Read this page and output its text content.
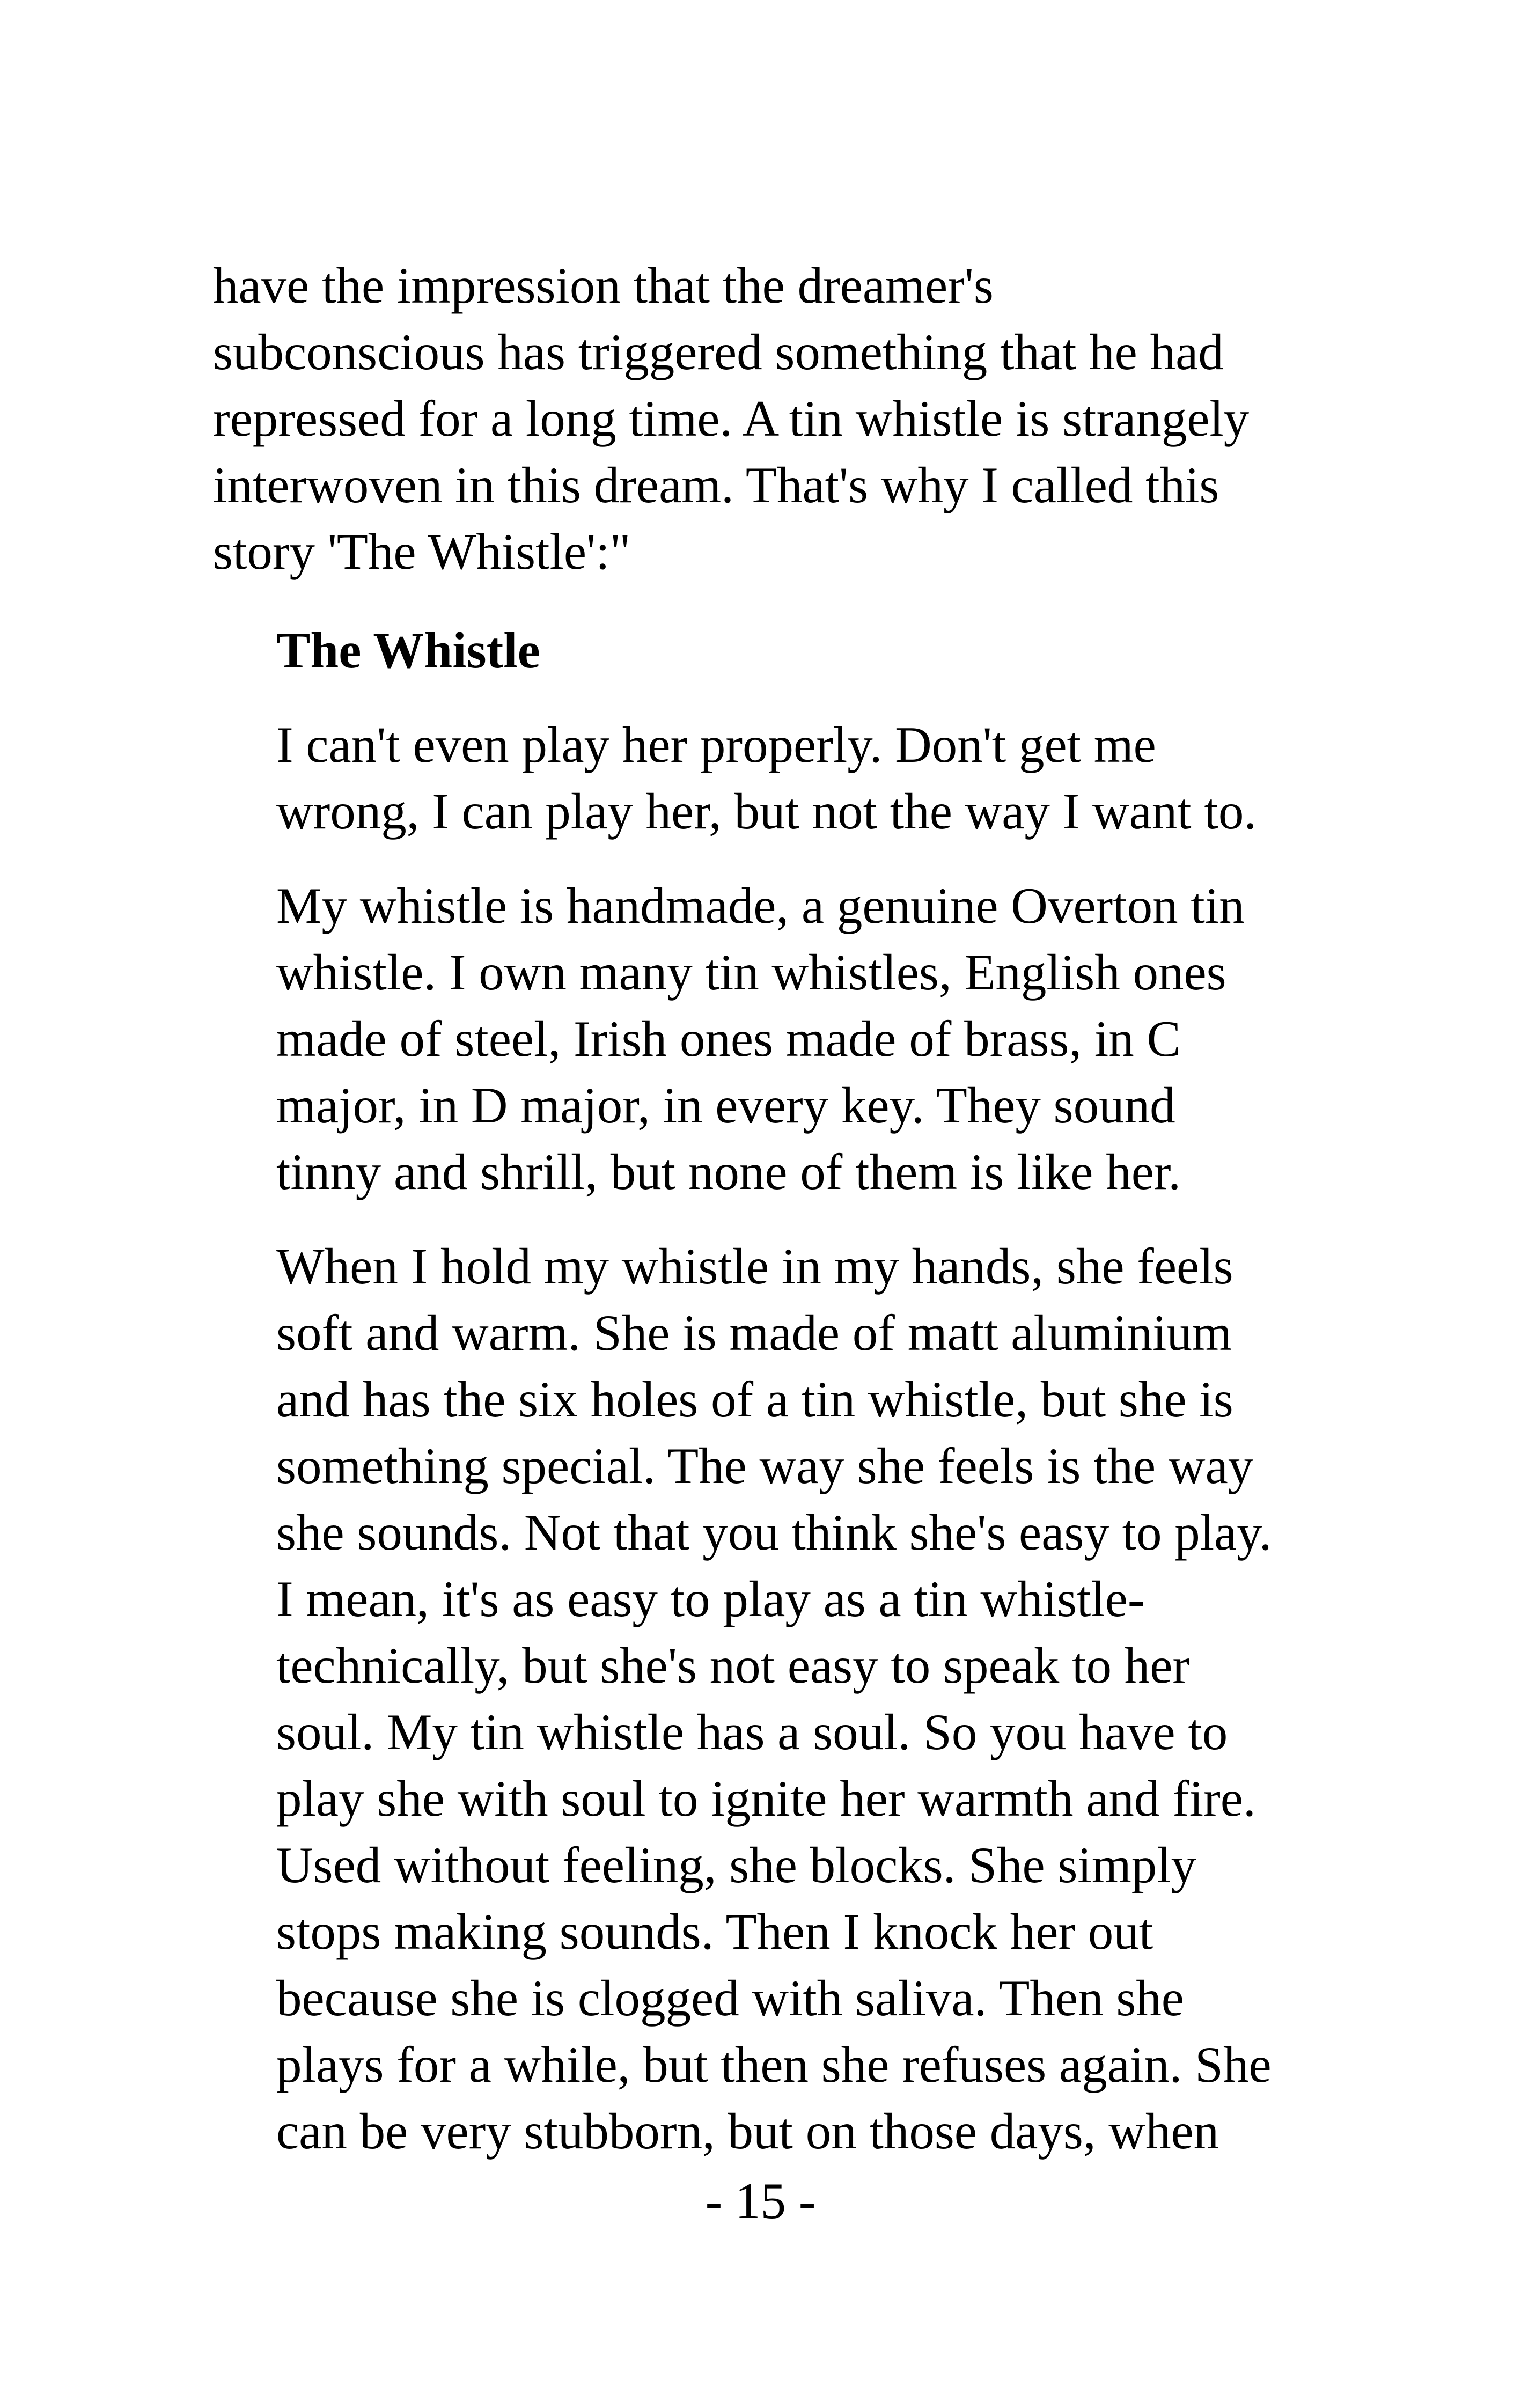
have the impression that the dreamer's
subconscious has triggered something that he had
repressed for a long time. A tin whistle is strangely
interwoven in this dream. That's why I called this
story 'The Whistle':"

The Whistle

I can't even play her properly. Don't get me
wrong, I can play her, but not the way I want to.

My whistle is handmade, a genuine Overton tin
whistle. I own many tin whistles, English ones
made of steel, Irish ones made of brass, in C
major, in D major, in every key. They sound
tinny and shrill, but none of them is like her.

When I hold my whistle in my hands, she feels
soft and warm. She is made of matt aluminium
and has the six holes of a tin whistle, but she is
something special. The way she feels is the way
she sounds. Not that you think she's easy to play.
I mean, it's as easy to play as a tin whistle-
technically, but she's not easy to speak to her
soul. My tin whistle has a soul. So you have to
play she with soul to ignite her warmth and fire.
Used without feeling, she blocks. She simply
stops making sounds. Then I knock her out
because she is clogged with saliva. Then she
plays for a while, but then she refuses again. She
can be very stubborn, but on those days, when

- 15 -
